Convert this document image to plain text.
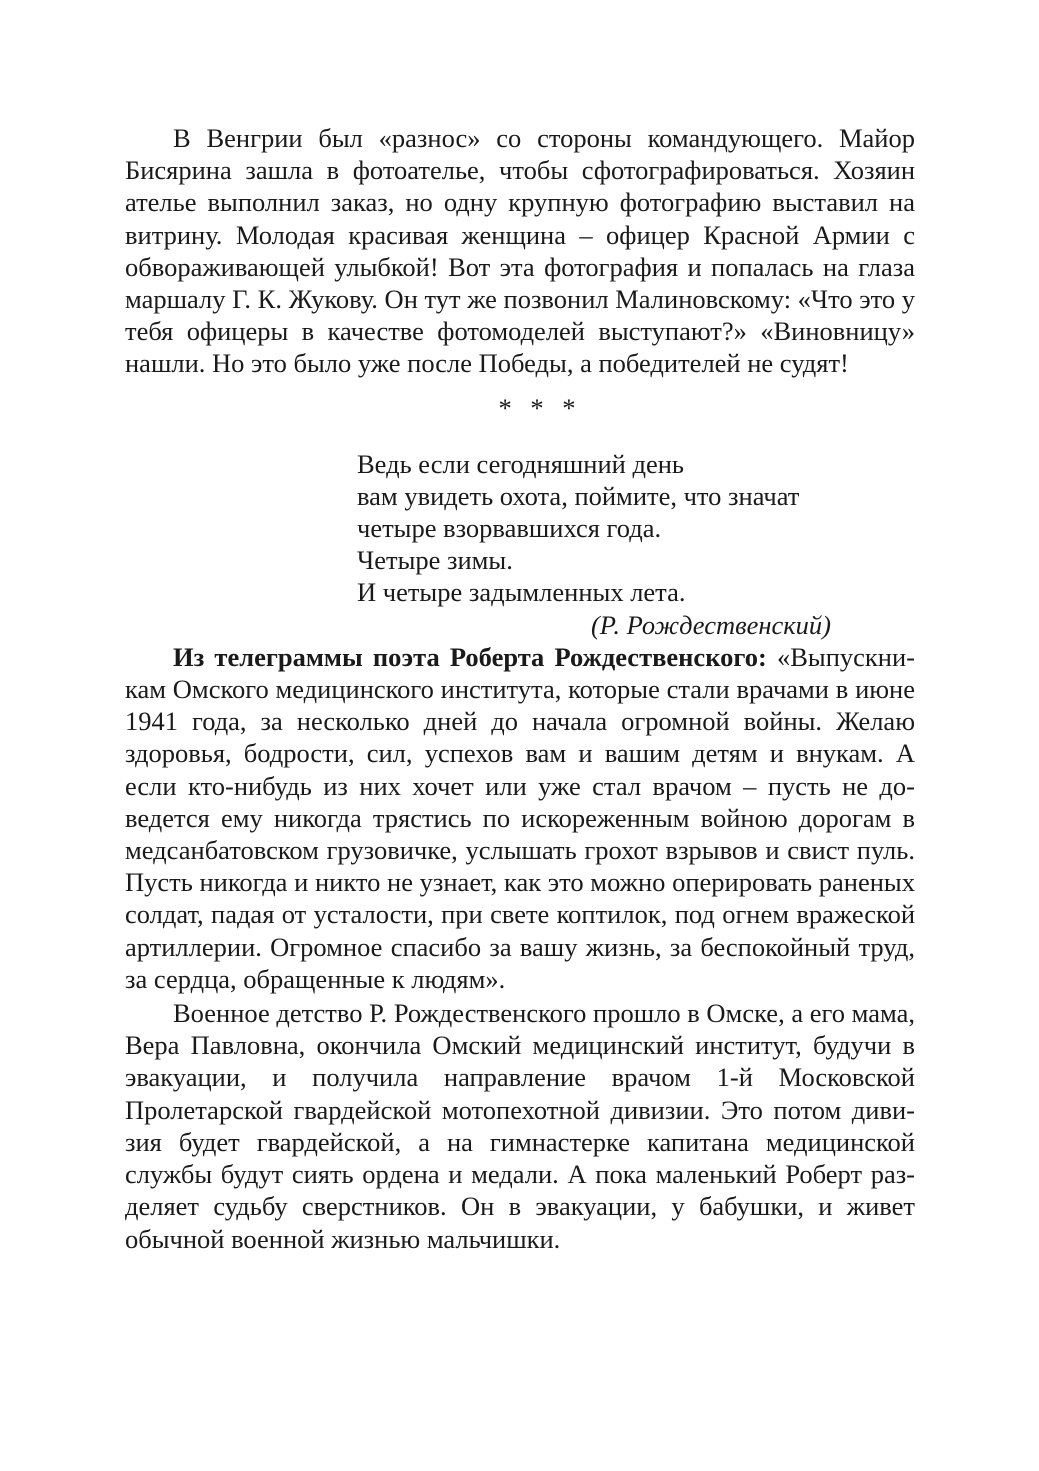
В Венгрии был «разнос» со стороны командующего. Майор Бисярина зашла в фотоателье, чтобы сфотографироваться. Хозяин ателье выполнил заказ, но одну крупную фотографию выставил на витрину. Молодая красивая женщина – офицер Красной Армии с обвораживающей улыбкой! Вот эта фотография и попалась на глаза маршалу Г. К. Жукову. Он тут же позвонил Малиновскому: «Что это у тебя офицеры в качестве фотомоделей выступают?» «Виновницу» нашли. Но это было уже после Победы, а победителей не судят!

* * *
Ведь если сегодняшний день
вам увидеть охота, поймите, что значат
четыре взорвавшихся года.
Четыре зимы.
И четыре задымленных лета.
(Р. Рождественский)

Из телеграммы поэта Роберта Рождественского: «Выпускникам Омского медицинского института, которые стали врачами в июне 1941 года, за несколько дней до начала огромной войны. Желаю здоровья, бодрости, сил, успехов вам и вашим детям и внукам. А если кто-нибудь из них хочет или уже стал врачом – пусть не доведется ему никогда трястись по искореженным войною дорогам в медсанбатовском грузовичке, услышать грохот взрывов и свист пуль. Пусть никогда и никто не узнает, как это можно оперировать раненых солдат, падая от усталости, при свете коптилок, под огнем вражеской артиллерии. Огромное спасибо за вашу жизнь, за беспокойный труд, за сердца, обращенные к людям».

Военное детство Р. Рождественского прошло в Омске, а его мама, Вера Павловна, окончила Омский медицинский институт, будучи в эвакуации, и получила направление врачом 1-й Московской Пролетарской гвардейской мотопехотной дивизии. Это потом дивизия будет гвардейской, а на гимнастерке капитана медицинской службы будут сиять ордена и медали. А пока маленький Роберт разделяет судьбу сверстников. Он в эвакуации, у бабушки, и живет обычной военной жизнью мальчишки.
